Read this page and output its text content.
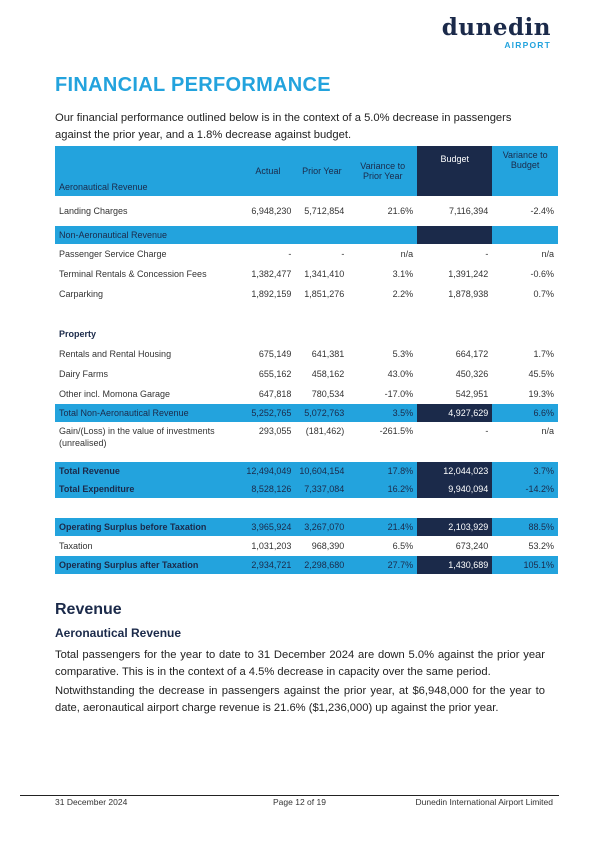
dunedin
AIRPORT
FINANCIAL PERFORMANCE

Our financial performance outlined below is in the context of a 5.0% decrease in passengers against the prior year, and a 1.8% decrease against budget.

Aeronautical Revenue	Actual	Prior Year	Variance to Prior Year	Budget	Variance to Budget
Landing Charges	6,948,230	5,712,854	21.6%	7,116,394	-2.4%
Non-Aeronautical Revenue					
Passenger Service Charge	-	-	n/a	-	n/a
Terminal Rentals & Concession Fees	1,382,477	1,341,410	3.1%	1,391,242	-0.6%
Carparking	1,892,159	1,851,276	2.2%	1,878,938	0.7%

Property					
Rentals and Rental Housing	675,149	641,381	5.3%	664,172	1.7%
Dairy Farms	655,162	458,162	43.0%	450,326	45.5%
Other incl. Momona Garage	647,818	780,534	-17.0%	542,951	19.3%
Total Non-Aeronautical Revenue	5,252,765	5,072,763	3.5%	4,927,629	6.6%
Gain/(Loss) in the value of investments (unrealised)	293,055	(181,462)	-261.5%	-	n/a

Total Revenue	12,494,049	10,604,154	17.8%	12,044,023	3.7%
Total Expenditure	8,528,126	7,337,084	16.2%	9,940,094	-14.2%

Operating Surplus before Taxation	3,965,924	3,267,070	21.4%	2,103,929	88.5%
Taxation	1,031,203	968,390	6.5%	673,240	53.2%
Operating Surplus after Taxation	2,934,721	2,298,680	27.7%	1,430,689	105.1%
Revenue
Aeronautical Revenue

Total passengers for the year to date to 31 December 2024 are down 5.0% against the prior year comparative. This is in the context of a 4.5% decrease in capacity over the same period.

Notwithstanding the decrease in passengers against the prior year, at $6,948,000 for the year to date, aeronautical airport charge revenue is 21.6% ($1,236,000) up against the prior year.

31 December 2024	Page 12 of 19	Dunedin International Airport Limited
